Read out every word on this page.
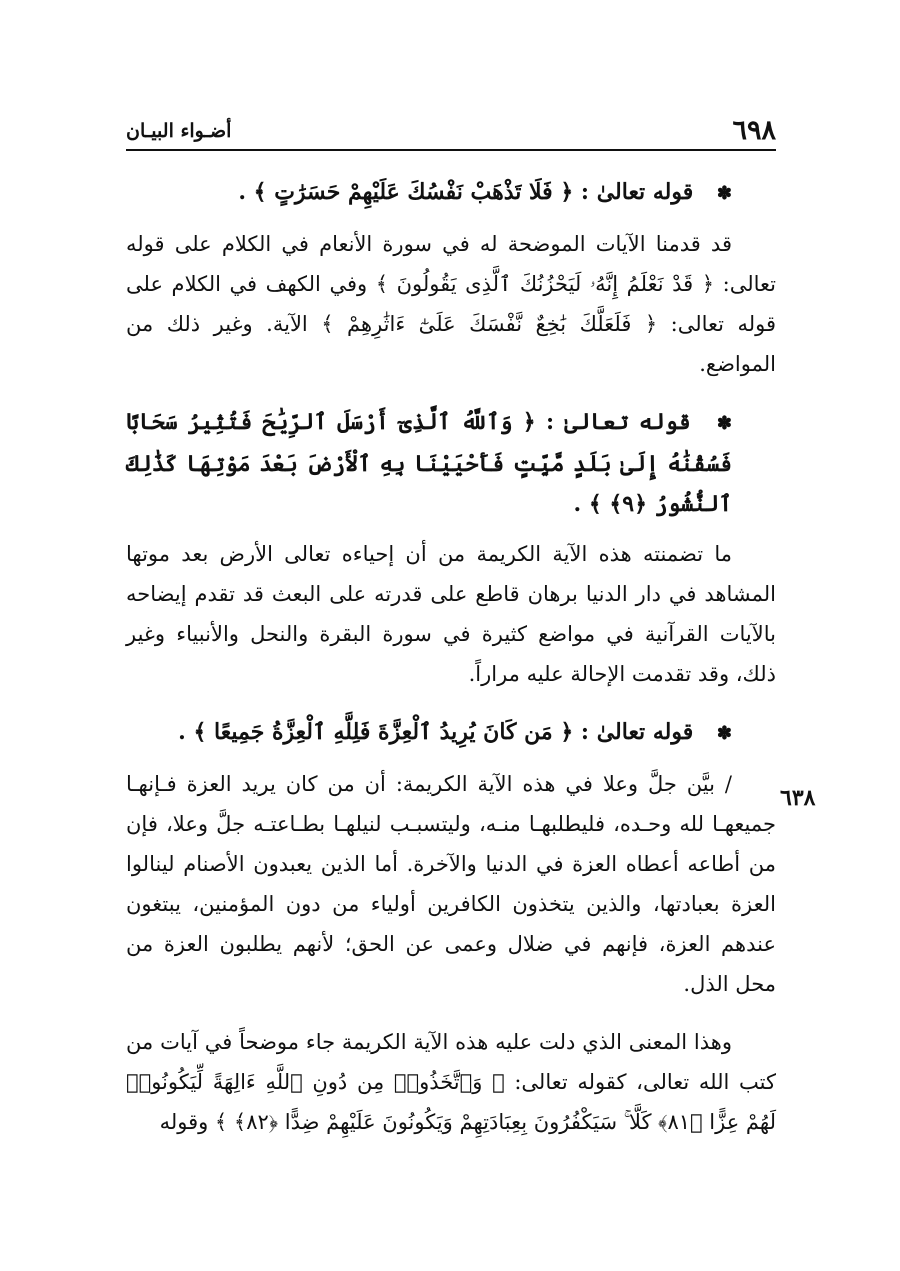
أضـواء البيـان	٦٩٨
٦٣٨
✽ قوله تعالىٰ : ﴿ فَلَا تَذْهَبْ نَفْسُكَ عَلَيْهِمْ حَسَرَٰتٍ ﴾ .

قد قدمنا الآيات الموضحة له في سورة الأنعام في الكلام على قوله تعالى: ﴿ قَدْ نَعْلَمُ إِنَّهُۥ لَيَحْزُنُكَ ٱلَّذِى يَقُولُونَ ﴾ وفي الكهف في الكلام على قوله تعالى: ﴿ فَلَعَلَّكَ بَٰخِعٌ نَّفْسَكَ عَلَىٰٓ ءَاثَٰرِهِمْ ﴾ الآية. وغير ذلك من المواضع.

✽ قوله تعالىٰ : ﴿ وَٱللَّهُ ٱلَّذِىٓ أَرْسَلَ ٱلرِّيَٰحَ فَتُثِيرُ سَحَابًا فَسُقْنَٰهُ إِلَىٰ بَلَدٍ مَّيِّتٍ فَأَحْيَيْنَا بِهِ ٱلْأَرْضَ بَعْدَ مَوْتِهَا كَذَٰلِكَ ٱلنُّشُورُ ﴿٩﴾ ﴾ .

ما تضمنته هذه الآية الكريمة من أن إحياءه تعالى الأرض بعد موتها المشاهد في دار الدنيا برهان قاطع على قدرته على البعث قد تقدم إيضاحه بالآيات القرآنية في مواضع كثيرة في سورة البقرة والنحل والأنبياء وغير ذلك، وقد تقدمت الإحالة عليه مراراً.

✽ قوله تعالىٰ : ﴿ مَن كَانَ يُرِيدُ ٱلْعِزَّةَ فَلِلَّهِ ٱلْعِزَّةُ جَمِيعًا ﴾ .

/ بيَّن جلَّ وعلا في هذه الآية الكريمة: أن من كان يريد العزة فـإنهـا جميعهـا لله وحـده، فليطلبهـا منـه، وليتسبـب لنيلهـا بطـاعتـه جلَّ وعلا، فإن من أطاعه أعطاه العزة في الدنيا والآخرة. أما الذين يعبدون الأصنام لينالوا العزة بعبادتها، والذين يتخذون الكافرين أولياء من دون المؤمنين، يبتغون عندهم العزة، فإنهم في ضلال وعمى عن الحق؛ لأنهم يطلبون العزة من محل الذل.

وهذا المعنى الذي دلت عليه هذه الآية الكريمة جاء موضحاً في آيات من كتب الله تعالى، كقوله تعالى: ﴿ وَٱتَّخَذُوا۟ مِن دُونِ ٱللَّهِ ءَالِهَةً لِّيَكُونُوا۟ لَهُمْ عِزًّا ﴿٨١﴾ كَلَّا ۚ سَيَكْفُرُونَ بِعِبَادَتِهِمْ وَيَكُونُونَ عَلَيْهِمْ ضِدًّا ﴿٨٢﴾ ﴾ وقوله
